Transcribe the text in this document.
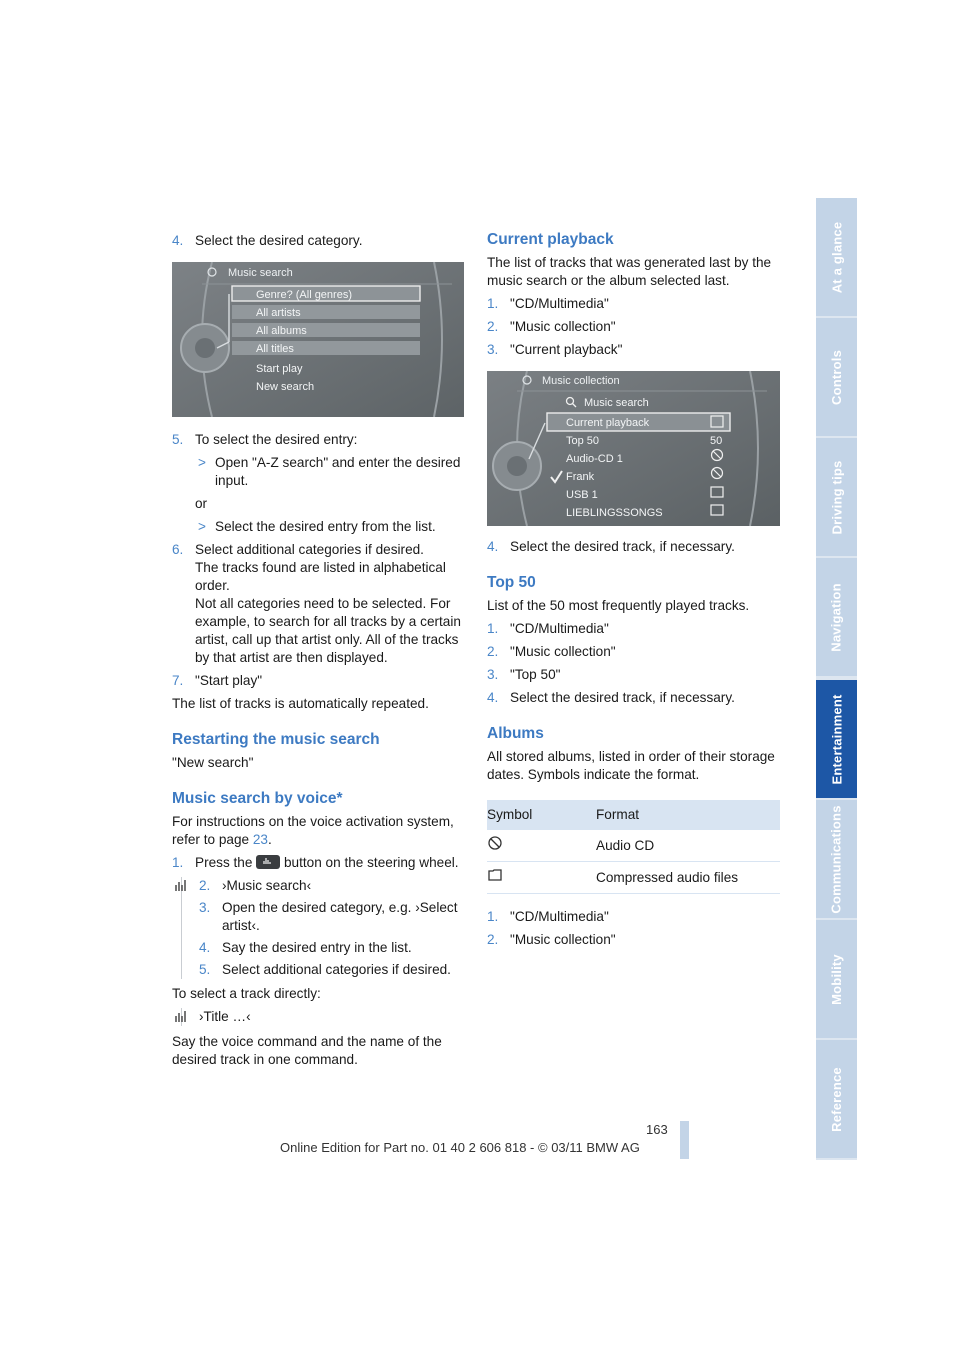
4. Select the desired category.
Music search
Genre? (All genres)
All artists
All albums
All titles
Start play
New search
5. To select the desired entry:
> Open "A-Z search" and enter the desired input.

or

> Select the desired entry from the list.
6. Select additional categories if desired.
The tracks found are listed in alphabetical order.
Not all categories need to be selected. For example, to search for all tracks by a certain artist, call up that artist only. All of the tracks by that artist are then displayed.
7. "Start play"

The list of tracks is automatically repeated.

Restarting the music search

"New search"

Music search by voice*

For instructions on the voice activation system, refer to page 23.

1. Press the button on the steering wheel.
2. ›Music search‹
3. Open the desired category, e.g. ›Select artist‹.
4. Say the desired entry in the list.
5. Select additional categories if desired.

To select a track directly:

›Title …‹

Say the voice command and the name of the desired track in one command.

Current playback

The list of tracks that was generated last by the music search or the album selected last.

1. "CD/Multimedia"
2. "Music collection"
3. "Current playback"
Music collection
Music search
Current playback
Top 50	50
Audio-CD 1
Frank
USB 1
LIEBLINGSSONGS
4. Select the desired track, if necessary.
Top 50

List of the 50 most frequently played tracks.

1. "CD/Multimedia"
2. "Music collection"
3. "Top 50"
4. Select the desired track, if necessary.
Albums

All stored albums, listed in order of their storage dates. Symbols indicate the format.

Symbol	Format
	Audio CD
	Compressed audio files
1. "CD/Multimedia"
2. "Music collection"
At a glance
Controls
Driving tips
Navigation
Entertainment
Communications
Mobility
Reference
163
Online Edition for Part no. 01 40 2 606 818 - © 03/11 BMW AG
